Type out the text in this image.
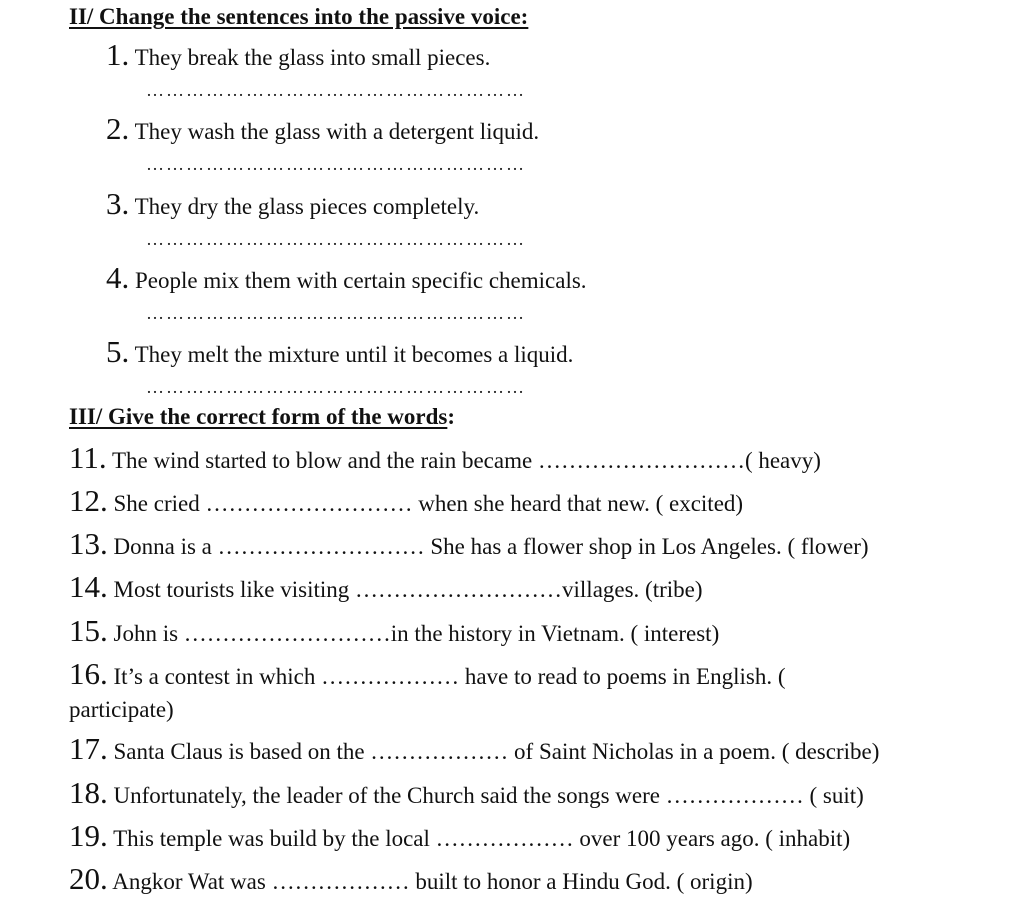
II/ Change the sentences into the passive voice:
1. They break the glass into small pieces.
…………………………………………………
2. They wash the glass with a detergent liquid.
…………………………………………………
3. They dry the glass pieces completely.
…………………………………………………
4. People mix them with certain specific chemicals.
…………………………………………………
5. They melt the mixture until it becomes a liquid.
…………………………………………………
III/ Give the correct form of the words:
11. The wind started to blow and the rain became ………………………( heavy)
12. She cried ……………………… when she heard that new. ( excited)
13. Donna is a ……………………… She has a flower shop in Los Angeles. ( flower)
14. Most tourists like visiting ………………………villages. (tribe)
15. John is ………………………in the history in Vietnam. ( interest)
16. It’s a contest in which ……………… have to read to poems in English. (
participate)
17. Santa Claus is based on the ……………… of Saint Nicholas in a poem. ( describe)
18. Unfortunately, the leader of the Church said the songs were ……………… ( suit)
19. This temple was build by the local ……………… over 100 years ago. ( inhabit)
20. Angkor Wat was ……………… built to honor a Hindu God. ( origin)
